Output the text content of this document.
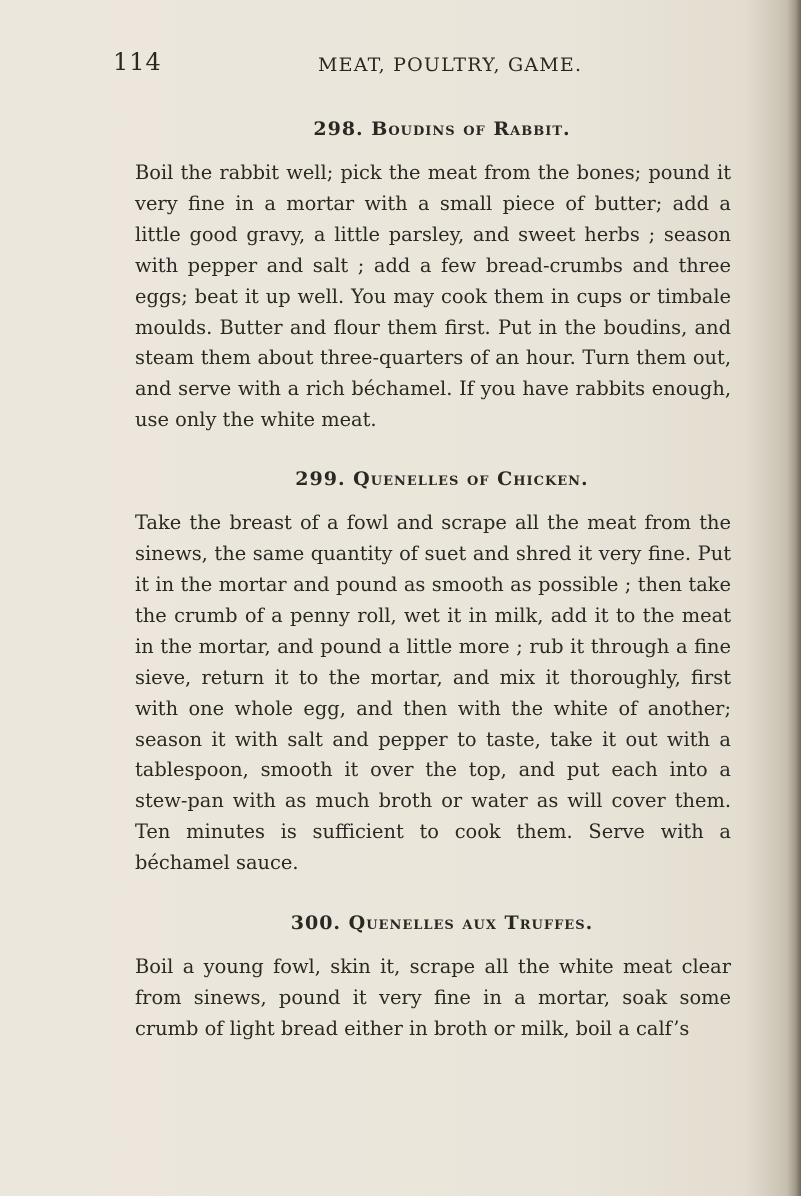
114	MEAT, POULTRY, GAME.
298. Boudins of Rabbit.

Boil the rabbit well; pick the meat from the bones; pound it very fine in a mortar with a small piece of butter; add a little good gravy, a little parsley, and sweet herbs ; season with pepper and salt ; add a few bread-crumbs and three eggs; beat it up well. You may cook them in cups or timbale moulds. Butter and flour them first. Put in the boudins, and steam them about three-quarters of an hour. Turn them out, and serve with a rich béchamel. If you have rabbits enough, use only the white meat.

299. Quenelles of Chicken.

Take the breast of a fowl and scrape all the meat from the sinews, the same quantity of suet and shred it very fine. Put it in the mortar and pound as smooth as possible ; then take the crumb of a penny roll, wet it in milk, add it to the meat in the mortar, and pound a little more ; rub it through a fine sieve, return it to the mortar, and mix it thoroughly, first with one whole egg, and then with the white of another; season it with salt and pepper to taste, take it out with a tablespoon, smooth it over the top, and put each into a stew-pan with as much broth or water as will cover them. Ten minutes is sufficient to cook them. Serve with a béchamel sauce.

300. Quenelles aux Truffes.

Boil a young fowl, skin it, scrape all the white meat clear from sinews, pound it very fine in a mortar, soak some crumb of light bread either in broth or milk, boil a calf’s
